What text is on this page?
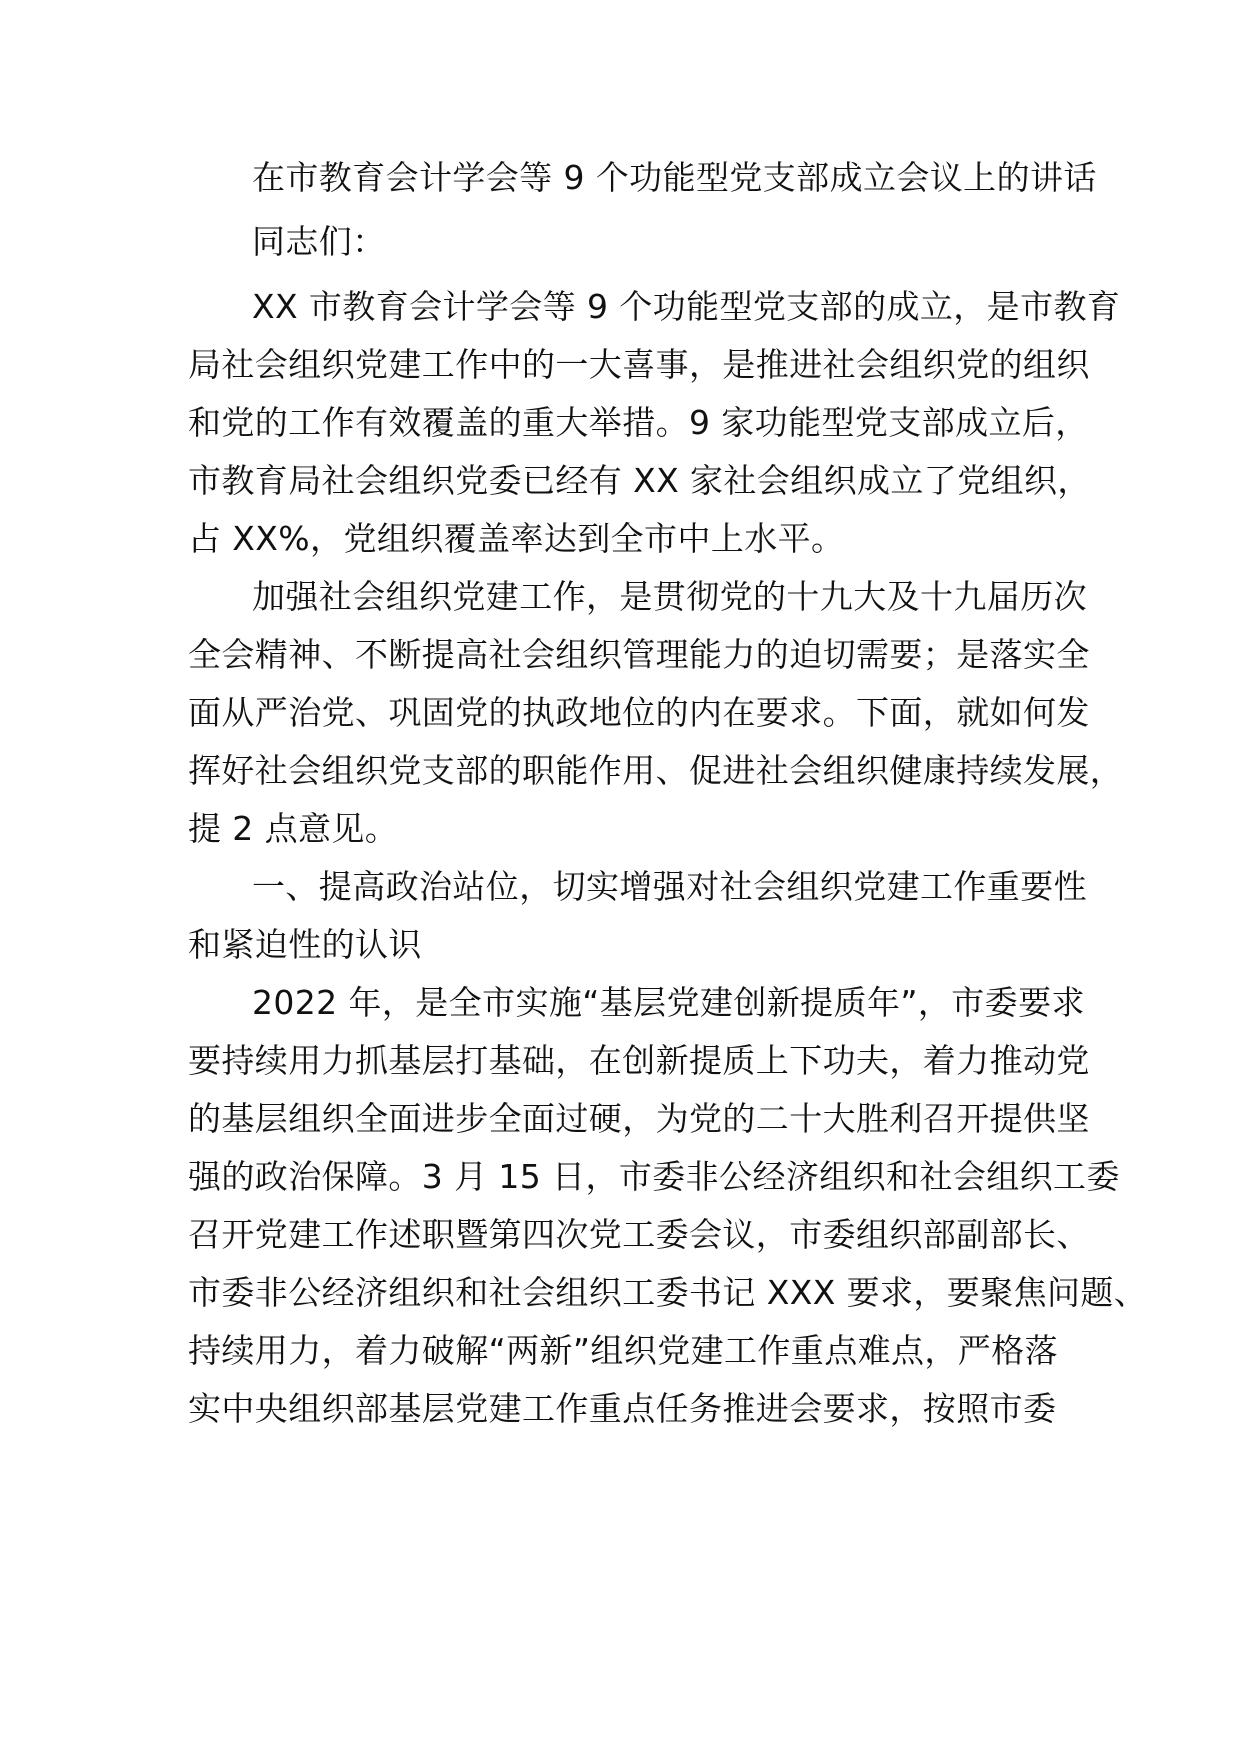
在市教育会计学会等 9 个功能型党支部成立会议上的讲话

同志们：

XX 市教育会计学会等 9 个功能型党支部的成立，是市教育

局社会组织党建工作中的一大喜事，是推进社会组织党的组织

和党的工作有效覆盖的重大举措。9 家功能型党支部成立后，

市教育局社会组织党委已经有 XX 家社会组织成立了党组织，

占 XX%，党组织覆盖率达到全市中上水平。

加强社会组织党建工作，是贯彻党的十九大及十九届历次

全会精神、不断提高社会组织管理能力的迫切需要；是落实全

面从严治党、巩固党的执政地位的内在要求。下面，就如何发

挥好社会组织党支部的职能作用、促进社会组织健康持续发展，

提 2 点意见。

一、提高政治站位，切实增强对社会组织党建工作重要性

和紧迫性的认识

2022 年，是全市实施“基层党建创新提质年”，市委要求

要持续用力抓基层打基础，在创新提质上下功夫，着力推动党

的基层组织全面进步全面过硬，为党的二十大胜利召开提供坚

强的政治保障。3 月 15 日，市委非公经济组织和社会组织工委

召开党建工作述职暨第四次党工委会议，市委组织部副部长、

市委非公经济组织和社会组织工委书记 XXX 要求，要聚焦问题、

持续用力，着力破解“两新”组织党建工作重点难点，严格落

实中央组织部基层党建工作重点任务推进会要求，按照市委
